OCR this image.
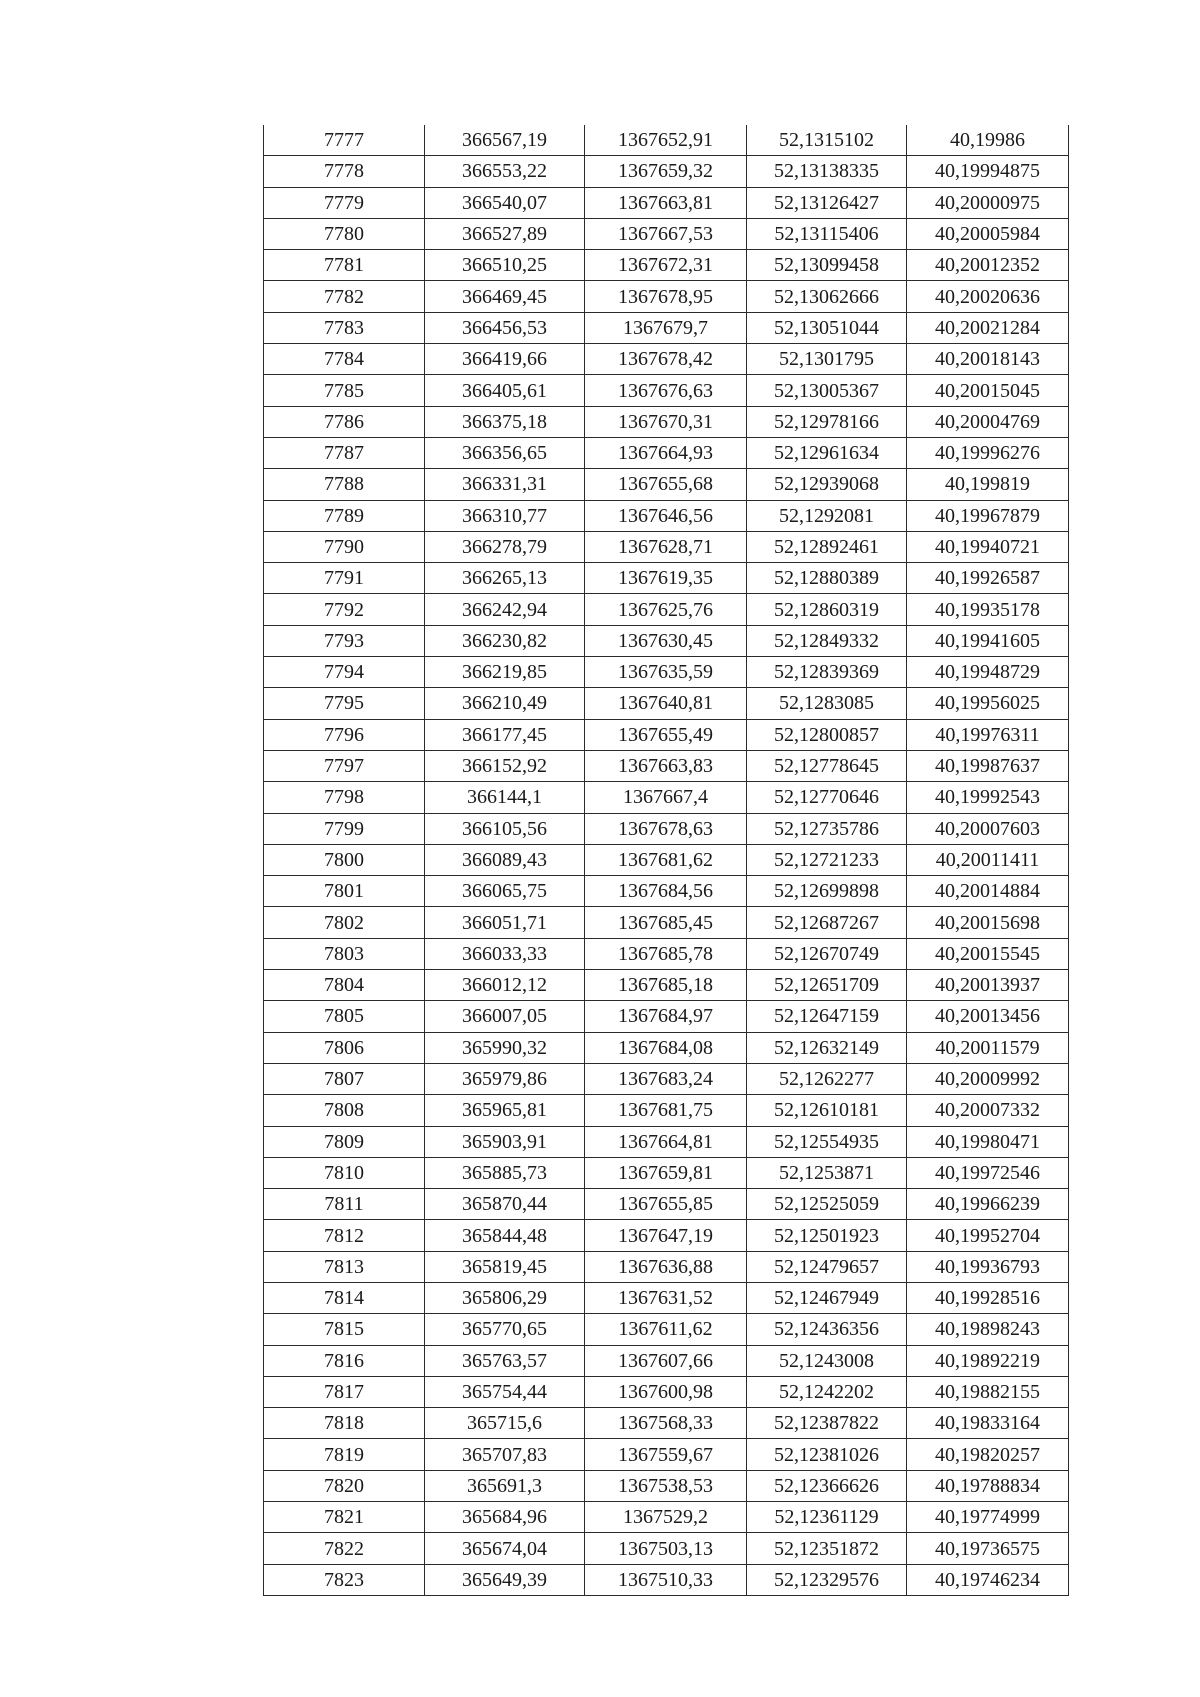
7777	366567,19	1367652,91	52,1315102	40,19986
7778	366553,22	1367659,32	52,13138335	40,19994875
7779	366540,07	1367663,81	52,13126427	40,20000975
7780	366527,89	1367667,53	52,13115406	40,20005984
7781	366510,25	1367672,31	52,13099458	40,20012352
7782	366469,45	1367678,95	52,13062666	40,20020636
7783	366456,53	1367679,7	52,13051044	40,20021284
7784	366419,66	1367678,42	52,1301795	40,20018143
7785	366405,61	1367676,63	52,13005367	40,20015045
7786	366375,18	1367670,31	52,12978166	40,20004769
7787	366356,65	1367664,93	52,12961634	40,19996276
7788	366331,31	1367655,68	52,12939068	40,199819
7789	366310,77	1367646,56	52,1292081	40,19967879
7790	366278,79	1367628,71	52,12892461	40,19940721
7791	366265,13	1367619,35	52,12880389	40,19926587
7792	366242,94	1367625,76	52,12860319	40,19935178
7793	366230,82	1367630,45	52,12849332	40,19941605
7794	366219,85	1367635,59	52,12839369	40,19948729
7795	366210,49	1367640,81	52,1283085	40,19956025
7796	366177,45	1367655,49	52,12800857	40,19976311
7797	366152,92	1367663,83	52,12778645	40,19987637
7798	366144,1	1367667,4	52,12770646	40,19992543
7799	366105,56	1367678,63	52,12735786	40,20007603
7800	366089,43	1367681,62	52,12721233	40,20011411
7801	366065,75	1367684,56	52,12699898	40,20014884
7802	366051,71	1367685,45	52,12687267	40,20015698
7803	366033,33	1367685,78	52,12670749	40,20015545
7804	366012,12	1367685,18	52,12651709	40,20013937
7805	366007,05	1367684,97	52,12647159	40,20013456
7806	365990,32	1367684,08	52,12632149	40,20011579
7807	365979,86	1367683,24	52,1262277	40,20009992
7808	365965,81	1367681,75	52,12610181	40,20007332
7809	365903,91	1367664,81	52,12554935	40,19980471
7810	365885,73	1367659,81	52,1253871	40,19972546
7811	365870,44	1367655,85	52,12525059	40,19966239
7812	365844,48	1367647,19	52,12501923	40,19952704
7813	365819,45	1367636,88	52,12479657	40,19936793
7814	365806,29	1367631,52	52,12467949	40,19928516
7815	365770,65	1367611,62	52,12436356	40,19898243
7816	365763,57	1367607,66	52,1243008	40,19892219
7817	365754,44	1367600,98	52,1242202	40,19882155
7818	365715,6	1367568,33	52,12387822	40,19833164
7819	365707,83	1367559,67	52,12381026	40,19820257
7820	365691,3	1367538,53	52,12366626	40,19788834
7821	365684,96	1367529,2	52,12361129	40,19774999
7822	365674,04	1367503,13	52,12351872	40,19736575
7823	365649,39	1367510,33	52,12329576	40,19746234
